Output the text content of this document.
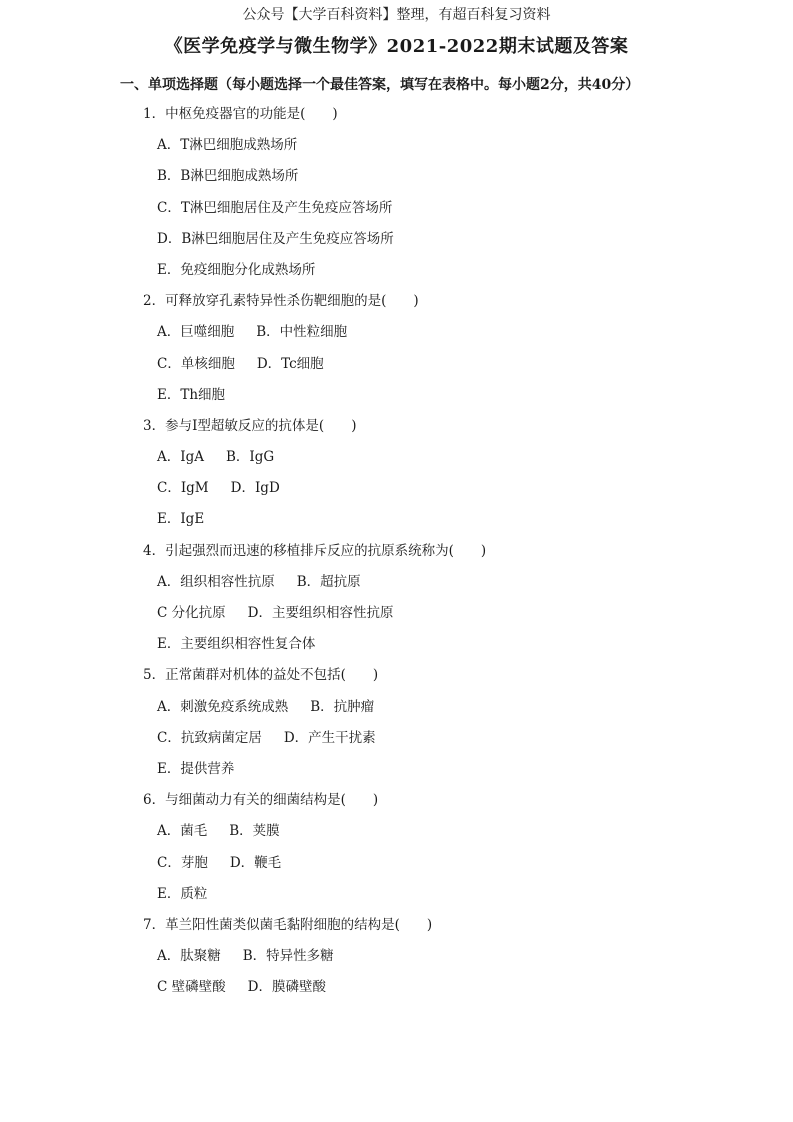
公众号【大学百科资料】整理，有超百科复习资料
《医学免疫学与微生物学》2021-2022期末试题及答案
一、单项选择题（每小题选择一个最佳答案，填写在表格中。每小题2分，共40分）
1．中枢免疫器官的功能是(　　)
A．T淋巴细胞成熟场所
B．B淋巴细胞成熟场所
C．T淋巴细胞居住及产生免疫应答场所
D．B淋巴细胞居住及产生免疫应答场所
E．免疫细胞分化成熟场所
2．可释放穿孔素特异性杀伤靶细胞的是(　　)
A．巨噬细胞 B．中性粒细胞
C．单核细胞 D．Tc细胞
E．Th细胞
3．参与Ⅰ型超敏反应的抗体是(　　)
A．IgA B．IgG
C．IgM D．IgD
E．IgE
4．引起强烈而迅速的移植排斥反应的抗原系统称为(　　)
A．组织相容性抗原 B．超抗原
C 分化抗原 D．主要组织相容性抗原
E．主要组织相容性复合体
5．正常菌群对机体的益处不包括(　　)
A．刺激免疫系统成熟 B．抗肿瘤
C．抗致病菌定居 D．产生干扰素
E．提供营养
6．与细菌动力有关的细菌结构是(　　)
A．菌毛 B．荚膜
C．芽胞 D．鞭毛
E．质粒
7．革兰阳性菌类似菌毛黏附细胞的结构是(　　)
A．肽聚糖 B．特异性多糖
C 壁磷壁酸 D．膜磷壁酸
